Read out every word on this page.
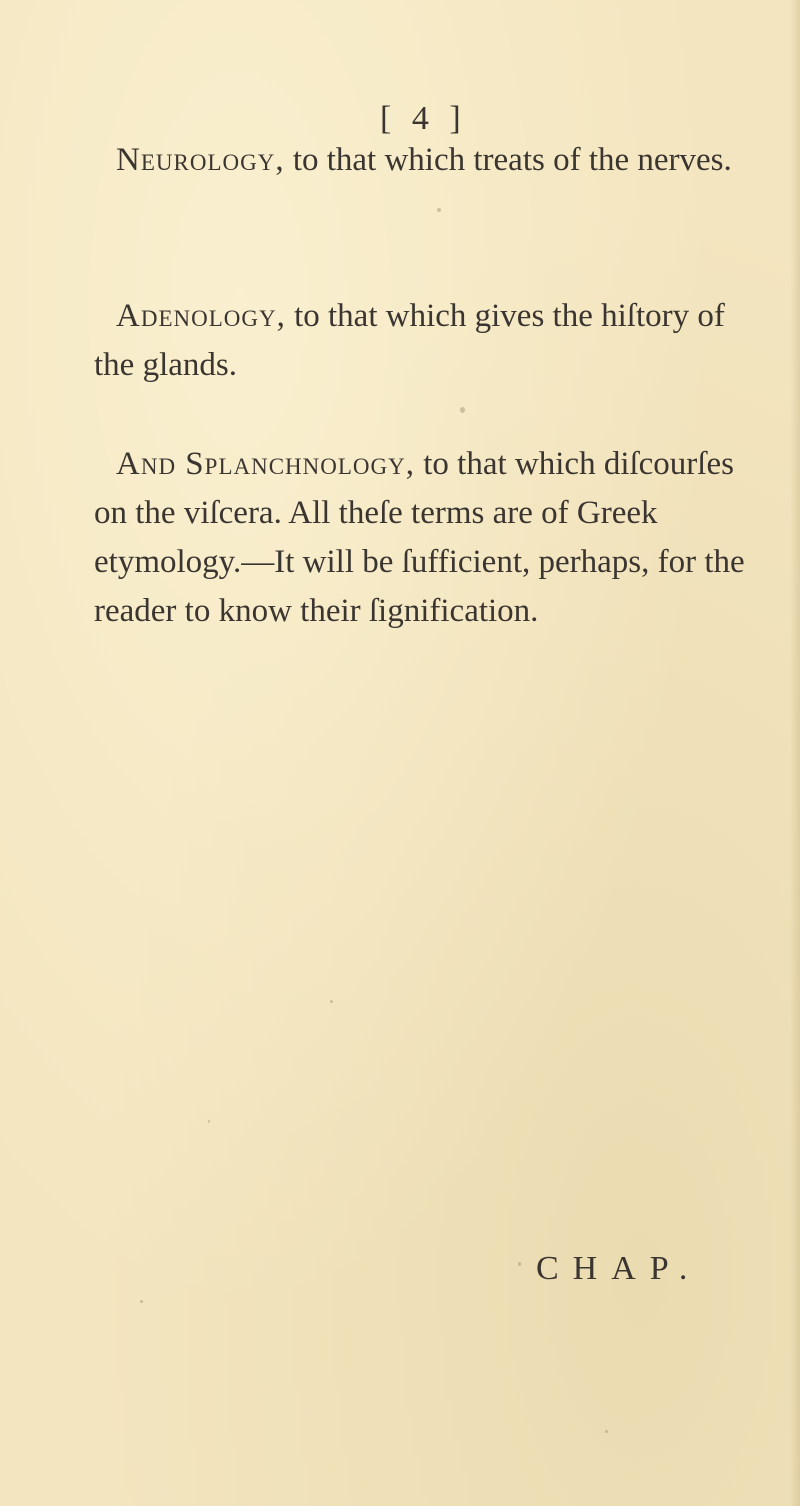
[ 4 ]

Neurology, to that which treats of the nerves.

Adenology, to that which gives the hiſtory of the glands.

And Splanchnology, to that which diſcourſes on the viſcera. All theſe terms are of Greek etymology.—It will be ſufficient, perhaps, for the reader to know their ſignification.

CHAP.
